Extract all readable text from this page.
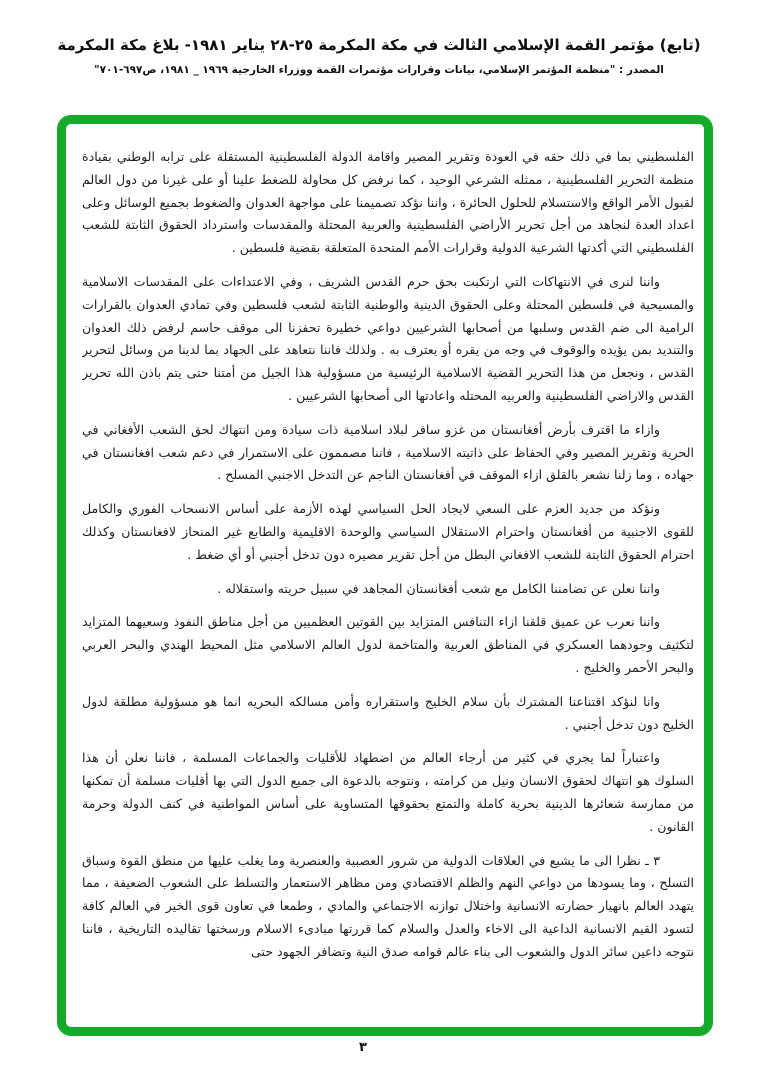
(تابع) مؤتمر القمة الإسلامي الثالث في مكة المكرمة ٢٥-٢٨ يناير ١٩٨١- بلاغ مكة المكرمة
المصدر : "منظمة المؤتمر الإسلامي، بيانات وقرارات مؤتمرات القمة ووزراء الخارجية ١٩٦٩ _ ١٩٨١، ص٦٩٧-٧٠١"

الفلسطيني بما في ذلك حقه في العودة وتقرير المصير واقامة الدولة الفلسطينية المستقلة على ترابه الوطني بقيادة منظمة التحرير الفلسطينية ، ممثله الشرعي الوحيد ، كما نرفض كل محاولة للضغط علينا أو على غيرنا من دول العالم لقبول الأمر الواقع والاستسلام للحلول الحائرة ، واننا نؤكد تصميمنا على مواجهة العدوان والضغوط بجميع الوسائل وعلى اعداد العدة لنجاهد من أجل تحرير الأراضي الفلسطينية والعربية المحتلة والمقدسات واسترداد الحقوق الثابتة للشعب الفلسطيني التي أكدتها الشرعية الدولية وقرارات الأمم المتحدة المتعلقة بقضية فلسطين .

واننا لنرى في الانتهاكات التي ارتكبت بحق حرم القدس الشريف ، وفي الاعتداءات على المقدسات الاسلامية والمسيحية في فلسطين المحتلة وعلى الحقوق الدينية والوطنية الثابتة لشعب فلسطين وفي تمادي العدوان بالقرارات الرامية الى ضم القدس وسلبها من أصحابها الشرعيين دواعي خطيرة تحفزنا الى موقف حاسم لرفض ذلك العدوان والتنديد بمن يؤيده والوقوف في وجه من يقره أو يعترف به . ولذلك فاننا نتعاهد على الجهاد بما لدينا من وسائل لتحرير القدس ، ونجعل من هذا التحرير القضية الاسلامية الرئيسية من مسؤولية هذا الجيل من أمتنا حتى يتم باذن الله تحرير القدس والاراضي الفلسطينية والعربيه المحتله واعادتها الى أصحابها الشرعيين .

وازاء ما اقترف بأرض أفغانستان من غزو سافر لبلاد اسلامية ذات سيادة ومن انتهاك لحق الشعب الأفغاني في الحرية وتقرير المصير وفي الحفاظ على ذاتيته الاسلامية ، فاننا مصممون على الاستمرار في دعم شعب افغانستان في جهاده ، وما زلنا نشعر بالقلق ازاء الموقف في أفغانستان الناجم عن التدخل الاجنبي المسلح .

ونؤكد من جديد العزم على السعي لايجاد الحل السياسي لهذه الأزمة على أساس الانسحاب الفوري والكامل للقوى الاجنبية من أفغانستان واحترام الاستقلال السياسي والوحدة الاقليمية والطابع غير المنحاز لافغانستان وكذلك احترام الحقوق الثابتة للشعب الافغاني البطل من أجل تقرير مصيره دون تدخل أجنبي أو أي ضغط .

واننا نعلن عن تضامننا الكامل مع شعب أفغانستان المجاهد في سبيل حريته واستقلاله .

واننا نعرب عن عميق قلقنا ازاء التنافس المتزايد بين القوتين العظميين من أجل مناطق النفوذ وسعيهما المتزايد لتكثيف وجودهما العسكري في المناطق العربية والمتاخمة لدول العالم الاسلامي مثل المحيط الهندي والبحر العربي والبحر الأحمر والخليج .

وانا لنؤكد اقتناعنا المشترك بأن سلام الخليج واستقراره وأمن مسالكه البحريه انما هو مسؤولية مطلقة لدول الخليج دون تدخل أجنبي .

واعتباراً لما يجري في كثير من أرجاء العالم من اضطهاد للأقليات والجماعات المسلمة ، فاننا نعلن أن هذا السلوك هو انتهاك لحقوق الانسان ونيل من كرامته ، ونتوجه بالدعوة الى جميع الدول التي بها أقليات مسلمة أن تمكنها من ممارسة شعائرها الدينية بحرية كاملة والتمتع بحقوقها المتساوية على أساس المواطنية في كنف الدولة وحرمة القانون .

٣ ـ نظرا الى ما يشيع في العلاقات الدولية من شرور العصبية والعنصرية وما يغلب عليها من منطق القوة وسباق التسلح ، وما يسودها من دواعي النهم والظلم الاقتصادي ومن مظاهر الاستعمار والتسلط على الشعوب الضعيفة ، مما يتهدد العالم بانهيار حضارته الانسانية واختلال توازنه الاجتماعي والمادي ، وطمعا في تعاون قوى الخير في العالم كافة لتسود القيم الانسانية الداعية الى الاخاء والعدل والسلام كما قررتها مبادىء الاسلام ورسختها تقاليده التاريخية ، فاننا نتوجه داعين سائر الدول والشعوب الى بناء عالم قوامه صدق النية وتضافر الجهود حتى

٣
